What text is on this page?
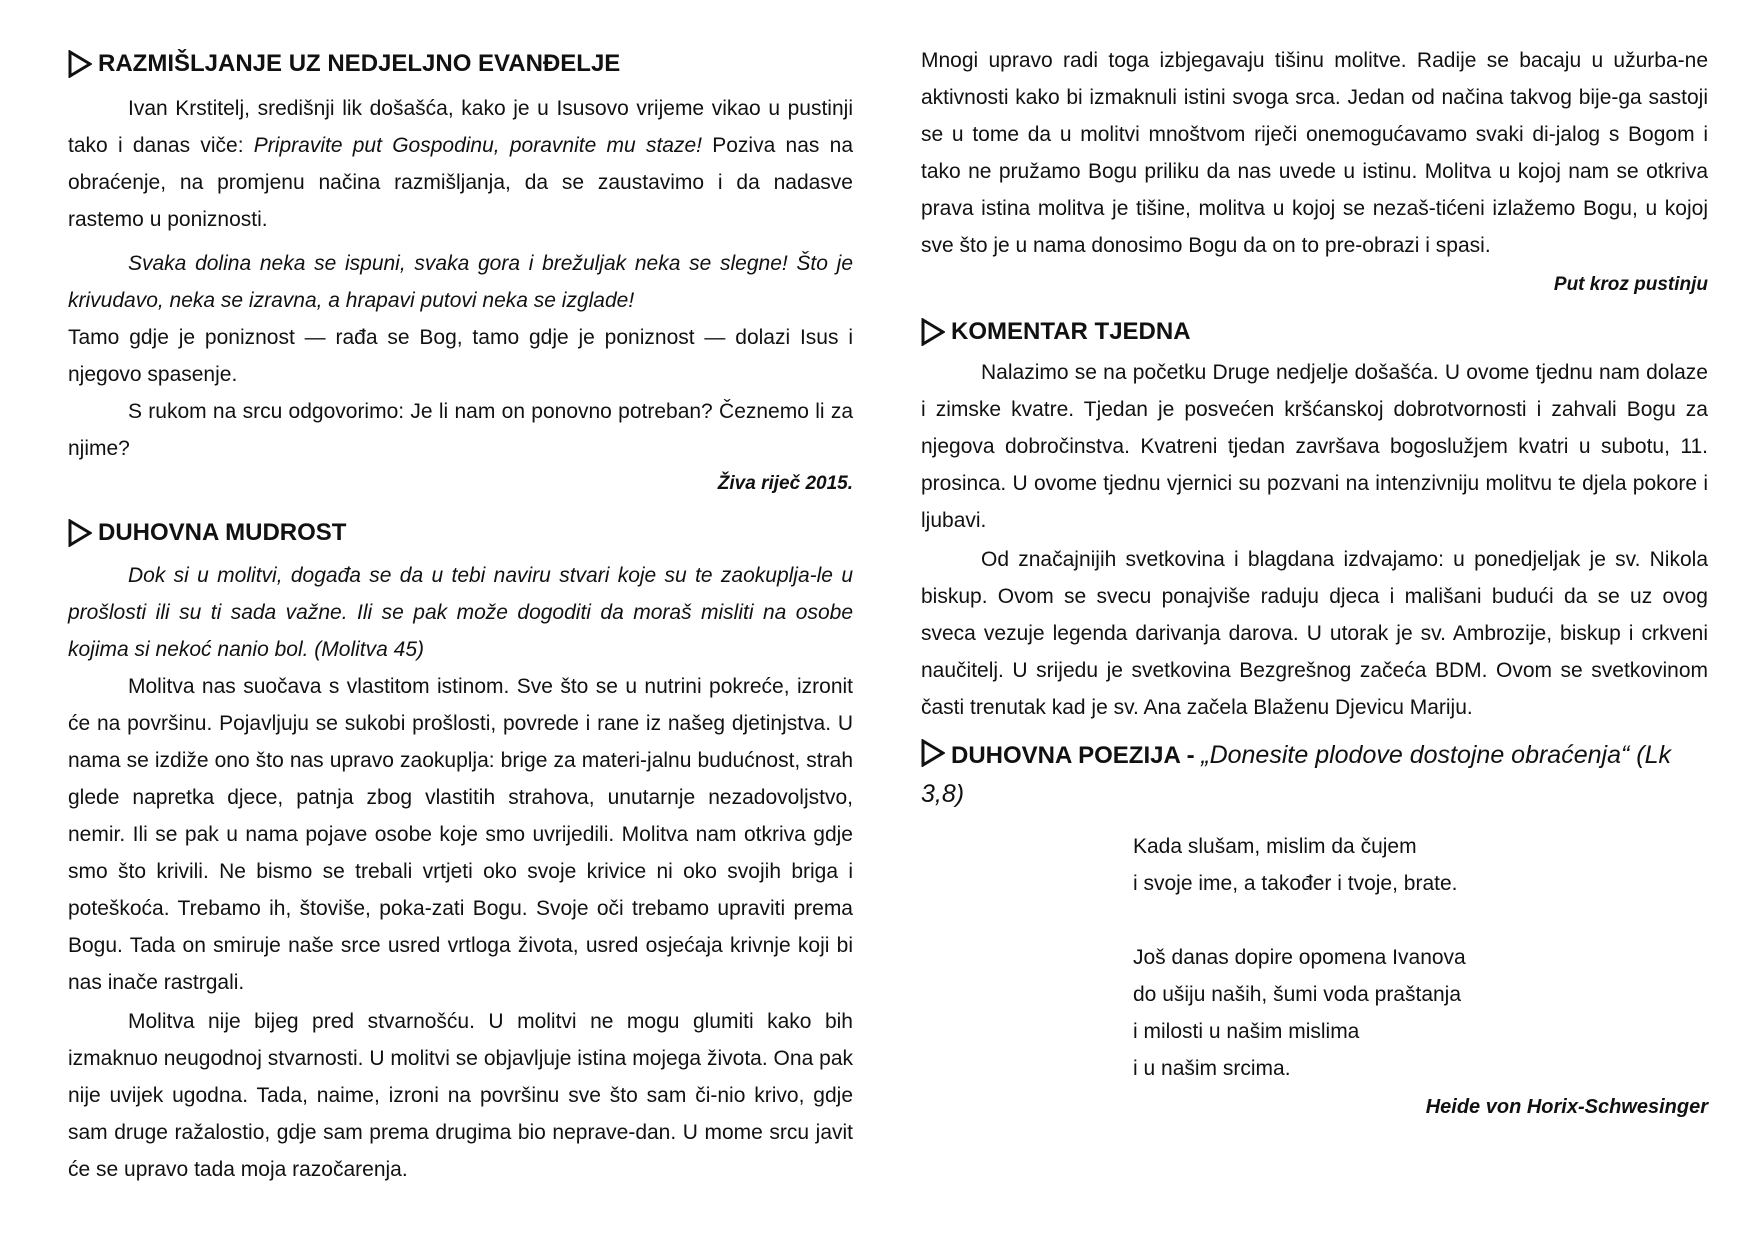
RAZMIŠLJANJE UZ NEDJELJNO EVANĐELJE

Ivan Krstitelj, središnji lik došašća, kako je u Isusovo vrijeme vikao u pustinji tako i danas viče: Pripravite put Gospodinu, poravnite mu staze! Poziva nas na obraćenje, na promjenu načina razmišljanja, da se zaustavimo i da nadasve rastemo u poniznosti.

Svaka dolina neka se ispuni, svaka gora i brežuljak neka se slegne! Što je krivudavo, neka se izravna, a hrapavi putovi neka se izglade!

Tamo gdje je poniznost — rađa se Bog, tamo gdje je poniznost — dolazi Isus i njegovo spasenje.

S rukom na srcu odgovorimo: Je li nam on ponovno potreban? Čeznemo li za njime?

Živa riječ 2015.

DUHOVNA MUDROST

Dok si u molitvi, događa se da u tebi naviru stvari koje su te zaokuplja-le u prošlosti ili su ti sada važne. Ili se pak može dogoditi da moraš misliti na osobe kojima si nekoć nanio bol. (Molitva 45)

Molitva nas suočava s vlastitom istinom. Sve što se u nutrini pokreće, izronit će na površinu. Pojavljuju se sukobi prošlosti, povrede i rane iz našeg djetinjstva. U nama se izdiže ono što nas upravo zaokuplja: brige za materi-jalnu budućnost, strah glede napretka djece, patnja zbog vlastitih strahova, unutarnje nezadovoljstvo, nemir. Ili se pak u nama pojave osobe koje smo uvrijedili. Molitva nam otkriva gdje smo što krivili. Ne bismo se trebali vrtjeti oko svoje krivice ni oko svojih briga i poteškoća. Trebamo ih, štoviše, poka-zati Bogu. Svoje oči trebamo upraviti prema Bogu. Tada on smiruje naše srce usred vrtloga života, usred osjećaja krivnje koji bi nas inače rastrgali.

Molitva nije bijeg pred stvarnošću. U molitvi ne mogu glumiti kako bih izmaknuo neugodnoj stvarnosti. U molitvi se objavljuje istina mojega života. Ona pak nije uvijek ugodna. Tada, naime, izroni na površinu sve što sam či-nio krivo, gdje sam druge ražalostio, gdje sam prema drugima bio neprave-dan. U mome srcu javit će se upravo tada moja razočarenja.

Mnogi upravo radi toga izbjegavaju tišinu molitve. Radije se bacaju u užurba-ne aktivnosti kako bi izmaknuli istini svoga srca. Jedan od načina takvog bije-ga sastoji se u tome da u molitvi mnoštvom riječi onemogućavamo svaki di-jalog s Bogom i tako ne pružamo Bogu priliku da nas uvede u istinu. Molitva u kojoj nam se otkriva prava istina molitva je tišine, molitva u kojoj se nezaš-tićeni izlažemo Bogu, u kojoj sve što je u nama donosimo Bogu da on to pre-obrazi i spasi.

Put kroz pustinju

KOMENTAR TJEDNA

Nalazimo se na početku Druge nedjelje došašća. U ovome tjednu nam dolaze i zimske kvatre. Tjedan je posvećen kršćanskoj dobrotvornosti i zahvali Bogu za njegova dobročinstva. Kvatreni tjedan završava bogoslužjem kvatri u subotu, 11. prosinca. U ovome tjednu vjernici su pozvani na intenzivniju molitvu te djela pokore i ljubavi.

Od značajnijih svetkovina i blagdana izdvajamo: u ponedjeljak je sv. Nikola biskup. Ovom se svecu ponajviše raduju djeca i mališani budući da se uz ovog sveca vezuje legenda darivanja darova. U utorak je sv. Ambrozije, biskup i crkveni naučitelj. U srijedu je svetkovina Bezgrešnog začeća BDM. Ovom se svetkovinom časti trenutak kad je sv. Ana začela Blaženu Djevicu Mariju.

DUHOVNA POEZIJA - „Donesite plodove dostojne obraćenja“ (Lk 3,8)

Kada slušam, mislim da čujem

i svoje ime, a također i tvoje, brate.

Još danas dopire opomena Ivanova

do ušiju naših, šumi voda praštanja

i milosti u našim mislima

i u našim srcima.

Heide von Horix-Schwesinger
